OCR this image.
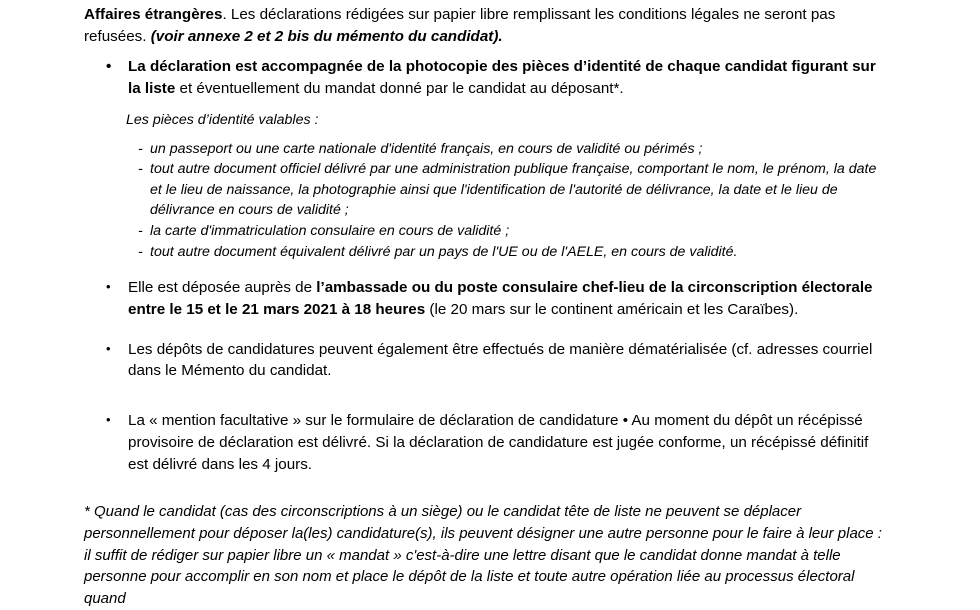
Affaires étrangères. Les déclarations rédigées sur papier libre remplissant les conditions légales ne seront pas refusées. (voir annexe 2 et 2 bis du mémento du candidat).

•	La déclaration est accompagnée de la photocopie des pièces d’identité de chaque candidat figurant sur la liste et éventuellement du mandat donné par le candidat au déposant*.
Les pièces d’identité valables :
- un passeport ou une carte nationale d'identité français, en cours de validité ou périmés ;
- tout autre document officiel délivré par une administration publique française, comportant le nom, le prénom, la date et le lieu de naissance, la photographie ainsi que l'identification de l'autorité de délivrance, la date et le lieu de délivrance en cours de validité ;
- la carte d'immatriculation consulaire en cours de validité ;
- tout autre document équivalent délivré par un pays de l'UE ou de l'AELE, en cours de validité.
•	Elle est déposée auprès de l’ambassade ou du poste consulaire chef-lieu de la circonscription électorale entre le 15 et le 21 mars 2021 à 18 heures (le 20 mars sur le continent américain et les Caraïbes).
•	Les dépôts de candidatures peuvent également être effectués de manière dématérialisée (cf. adresses courriel dans le Mémento du candidat.
•	La « mention facultative » sur le formulaire de déclaration de candidature • Au moment du dépôt un récépissé provisoire de déclaration est délivré. Si la déclaration de candidature est jugée conforme, un récépissé définitif est délivré dans les 4 jours.

* Quand le candidat (cas des circonscriptions à un siège) ou le candidat tête de liste ne peuvent se déplacer personnellement pour déposer la(les) candidature(s), ils peuvent désigner une autre personne pour le faire à leur place : il suffit de rédiger sur papier libre un « mandat » c'est-à-dire une lettre disant que le candidat donne mandat à telle personne pour accomplir en son nom et place le dépôt de la liste et toute autre opération liée au processus électoral quand
